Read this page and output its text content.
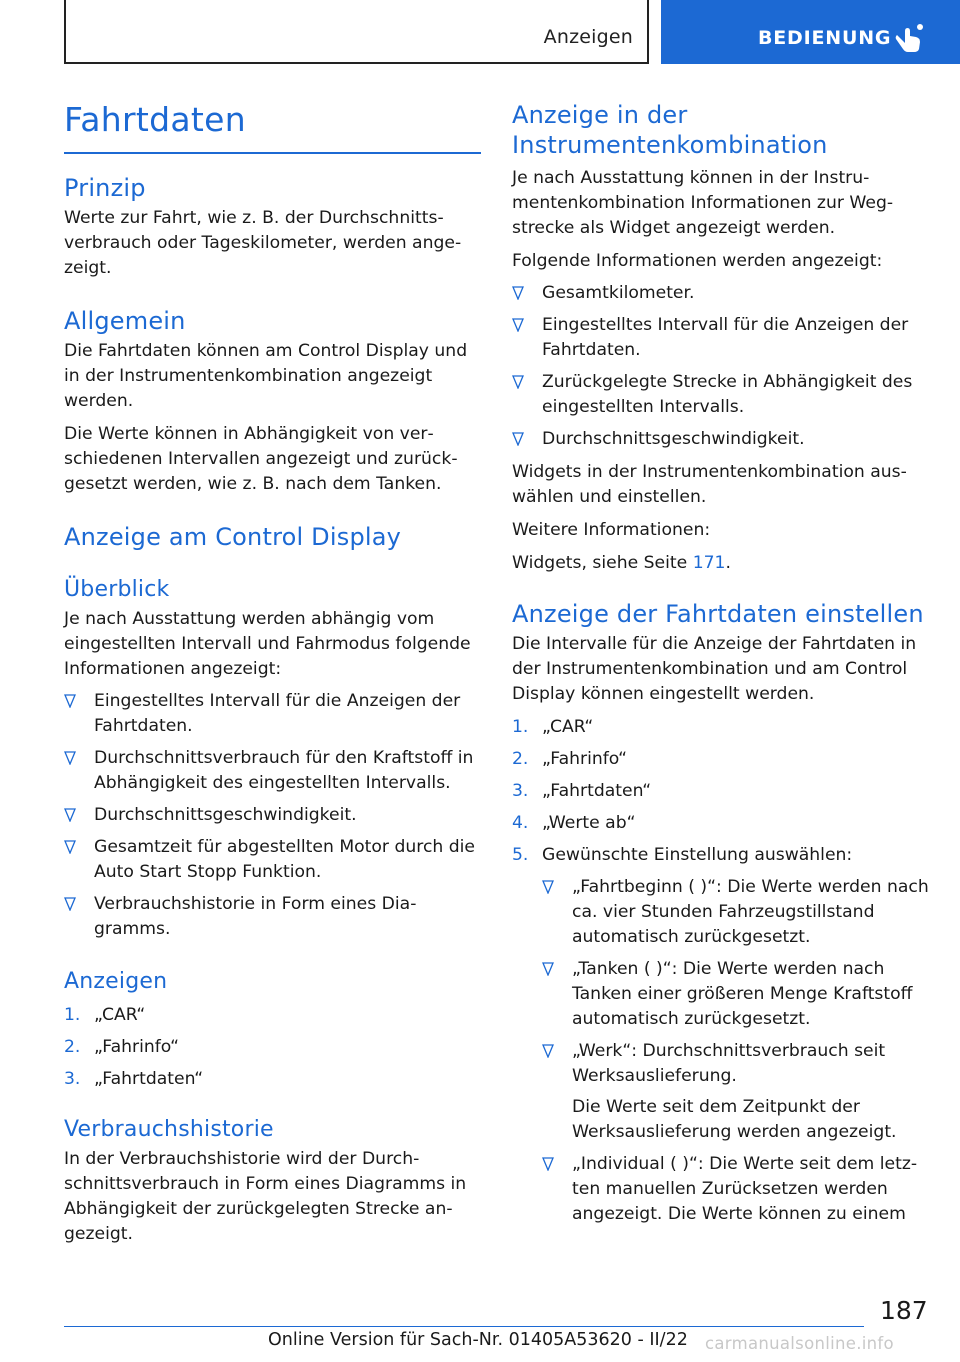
Anzeigen	BEDIENUNG
Fahrtdaten
Prinzip

Werte zur Fahrt, wie z. B. der Durchschnittsverbrauch oder Tageskilometer, werden angezeigt.

Allgemein

Die Fahrtdaten können am Control Display und in der Instrumentenkombination angezeigt werden.

Die Werte können in Abhängigkeit von verschiedenen Intervallen angezeigt und zurückgesetzt werden, wie z. B. nach dem Tanken.

Anzeige am Control Display
Überblick

Je nach Ausstattung werden abhängig vom eingestellten Intervall und Fahrmodus folgende Informationen angezeigt:

Eingestelltes Intervall für die Anzeigen der Fahrtdaten.
Durchschnittsverbrauch für den Kraftstoff in Abhängigkeit des eingestellten Intervalls.
Durchschnittsgeschwindigkeit.
Gesamtzeit für abgestellten Motor durch die Auto Start Stopp Funktion.
Verbrauchshistorie in Form eines Diagramms.
Anzeigen
1. „CAR“
2. „Fahrinfo“
3. „Fahrtdaten“
Verbrauchshistorie

In der Verbrauchshistorie wird der Durchschnittsverbrauch in Form eines Diagramms in Abhängigkeit der zurückgelegten Strecke angezeigt.

Anzeige in der Instrumentenkombination

Je nach Ausstattung können in der Instrumentenkombination Informationen zur Wegstrecke als Widget angezeigt werden.

Folgende Informationen werden angezeigt:

Gesamtkilometer.
Eingestelltes Intervall für die Anzeigen der Fahrtdaten.
Zurückgelegte Strecke in Abhängigkeit des eingestellten Intervalls.
Durchschnittsgeschwindigkeit.

Widgets in der Instrumentenkombination auswählen und einstellen.

Weitere Informationen:

Widgets, siehe Seite 171.

Anzeige der Fahrtdaten einstellen

Die Intervalle für die Anzeige der Fahrtdaten in der Instrumentenkombination und am Control Display können eingestellt werden.

1. „CAR“
2. „Fahrinfo“
3. „Fahrtdaten“
4. „Werte ab“
5. Gewünschte Einstellung auswählen:
„Fahrtbeginn ( )“: Die Werte werden nach ca. vier Stunden Fahrzeugstillstand automatisch zurückgesetzt.
„Tanken ( )“: Die Werte werden nach Tanken einer größeren Menge Kraftstoff automatisch zurückgesetzt.
„Werk“: Durchschnittsverbrauch seit Werksauslieferung.

Die Werte seit dem Zeitpunkt der Werksauslieferung werden angezeigt.

„Individual ( )“: Die Werte seit dem letzten manuellen Zurücksetzen werden angezeigt. Die Werte können zu einem
187
Online Version für Sach-Nr. 01405A53620 - II/22 carmanualsonline.info
